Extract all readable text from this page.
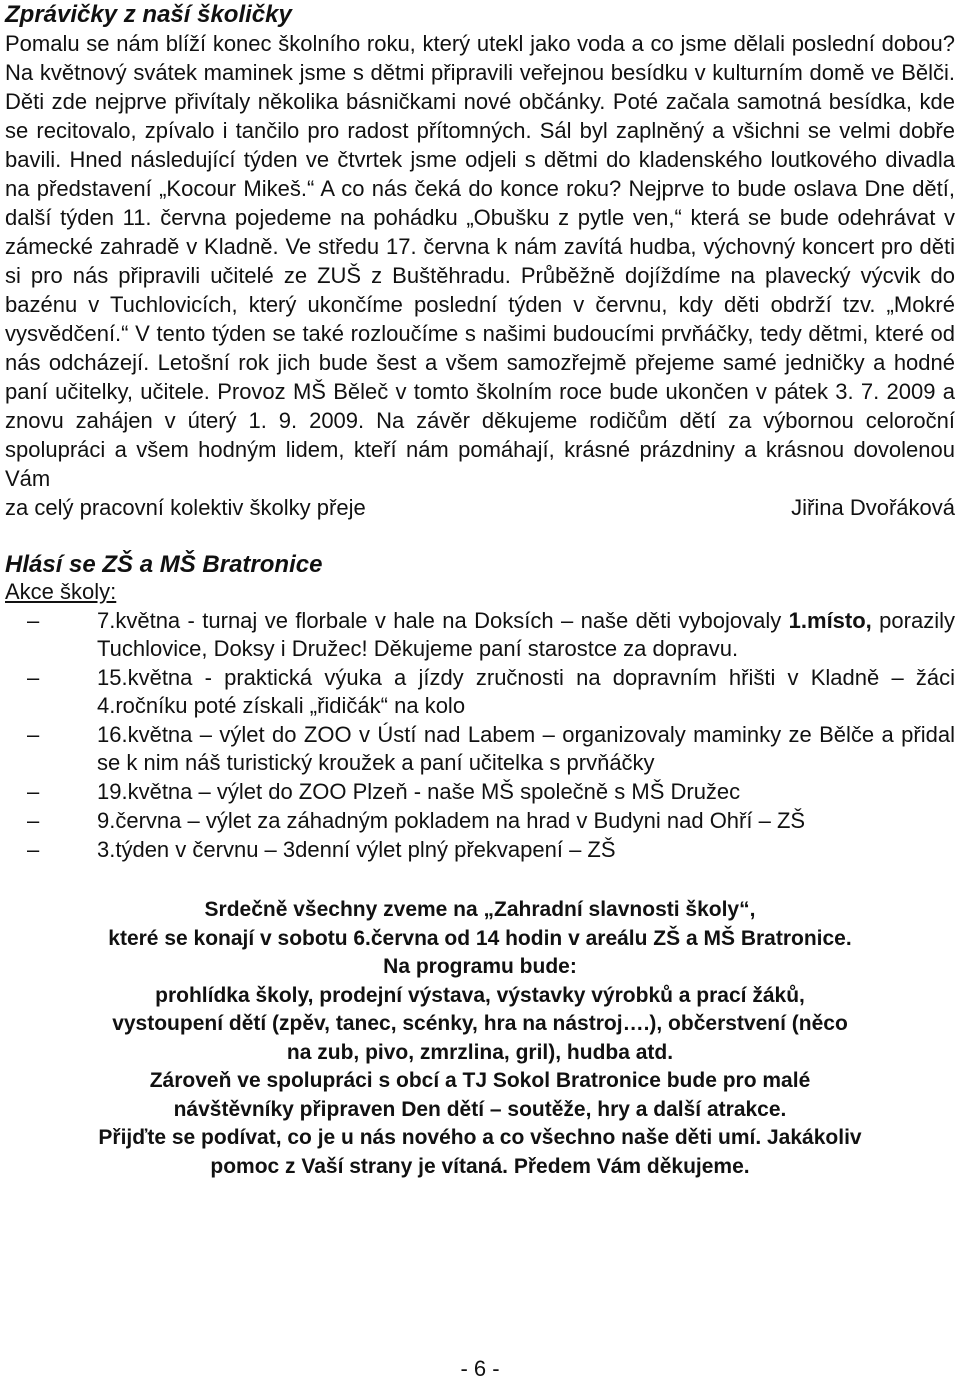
Zprávičky z naší školičky

Pomalu se nám blíží konec školního roku, který utekl jako voda a co jsme dělali poslední dobou? Na květnový svátek maminek jsme s dětmi připravili veřejnou besídku v kulturním domě ve Bělči. Děti zde nejprve přivítaly několika básničkami nové občánky. Poté začala samotná besídka, kde se recitovalo, zpívalo i tančilo pro radost přítomných. Sál byl zaplněný a všichni se velmi dobře bavili. Hned následující týden ve čtvrtek jsme odjeli s dětmi do kladenského loutkového divadla na představení „Kocour Mikeš.“ A co nás čeká do konce roku? Nejprve to bude oslava Dne dětí, další týden 11. června pojedeme na pohádku „Obušku z pytle ven,“ která se bude odehrávat v zámecké zahradě v Kladně. Ve středu 17. června k nám zavítá hudba, výchovný koncert pro děti si pro nás připravili učitelé ze ZUŠ z Buštěhradu. Průběžně dojíždíme na plavecký výcvik do bazénu v Tuchlovicích, který ukončíme poslední týden v červnu, kdy děti obdrží tzv. „Mokré vysvědčení.“ V tento týden se také rozloučíme s našimi budoucími prvňáčky, tedy dětmi, které od nás odcházejí. Letošní rok jich bude šest a všem samozřejmě přejeme samé jedničky a hodné paní učitelky, učitele. Provoz MŠ Běleč v tomto školním roce bude ukončen v pátek 3. 7. 2009 a znovu zahájen v úterý 1. 9. 2009. Na závěr děkujeme rodičům dětí za výbornou celoroční spolupráci a všem hodným lidem, kteří nám pomáhají, krásné prázdniny a krásnou dovolenou Vám

za celý pracovní kolektiv školky přeje	Jiřina Dvořáková
Hlásí se ZŠ a MŠ Bratronice
Akce školy:
–	7.května - turnaj ve florbale v hale na Doksích – naše děti vybojovaly 1.místo, porazily Tuchlovice, Doksy i Družec! Děkujeme paní starostce za dopravu.
–	15.května - praktická výuka a jízdy zručnosti na dopravním hřišti v Kladně – žáci 4.ročníku poté získali „řidičák“ na kolo
–	16.května – výlet do ZOO v Ústí nad Labem – organizovaly maminky ze Bělče a přidal se k nim náš turistický kroužek a paní učitelka s prvňáčky
–	19.května – výlet do ZOO Plzeň - naše MŠ společně s MŠ Družec
–	9.června – výlet za záhadným pokladem na hrad v Budyni nad Ohří – ZŠ
–	3.týden v červnu – 3denní výlet plný překvapení – ZŠ
Srdečně všechny zveme na „Zahradní slavnosti školy“,
které se konají v sobotu 6.června od 14 hodin v areálu ZŠ a MŠ Bratronice.
Na programu bude:
prohlídka školy, prodejní výstava, výstavky výrobků a prací žáků,
vystoupení dětí (zpěv, tanec, scénky, hra na nástroj….), občerstvení (něco
na zub, pivo, zmrzlina, gril), hudba atd.
Zároveň ve spolupráci s obcí a TJ Sokol Bratronice bude pro malé
návštěvníky připraven Den dětí – soutěže, hry a další atrakce.
Přijďte se podívat, co je u nás nového a co všechno naše děti umí. Jakákoliv
pomoc z Vaší strany je vítaná. Předem Vám děkujeme.
- 6 -
